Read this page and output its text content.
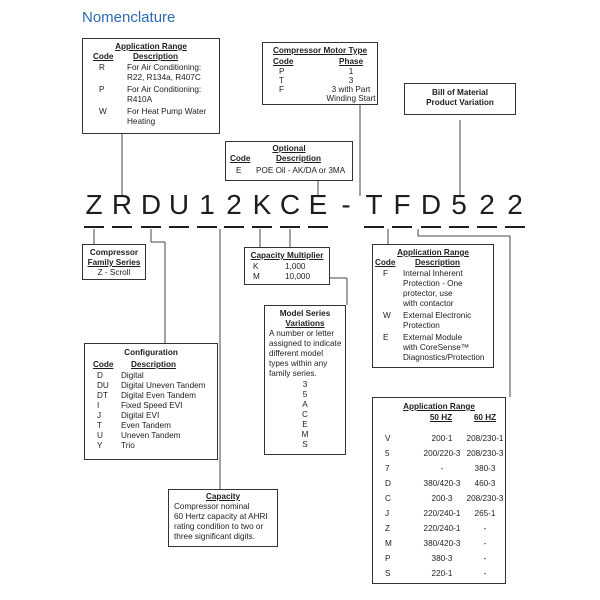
Nomenclature
Z R D U 1 2 K C E - T F D 5 2 2
Application Range
Code Description
R	For Air Conditioning:
R22, R134a, R407C
P	For Air Conditioning:
R410A
W For Heat Pump Water
Heating
Compressor Motor Type
Code	Phase
P	1
T	3
F	3 with Part
Winding Start
Bill of Material
Product Variation
Optional
Code	Description
E POE Oil - AK/DA or 3MA
Compressor
Family Series
Z - Scroll
Capacity Multiplier
K	1,000
M	10,000
Model Series
Variations
A number or letter
assigned to indicate
different model
types within any
family series.
3
5
A
C
E
M
S
Application Range
Code Description
F Internal Inherent
Protection - One
protector, use
with contactor
W External Electronic
Protection
E External Module
with CoreSense™
Diagnostics/Protection
Configuration
Code Description
D Digital
DU Digital Uneven Tandem
DT Digital Even Tandem
I	Fixed Speed EVI
J Digital EVI
T Even Tandem
U Uneven Tandem
Y Trio
Capacity
Compressor nominal
60 Hertz capacity at AHRI
rating condition to two or
three significant digits.
Application Range
50 HZ	60 HZ
V	200-1	208/230-1
5	200/220-3 208/230-3
7	-	380-3
D	380/420-3	460-3
C	200-3	208/230-3
J	220/240-1	265-1
Z	220/240-1	-
M	380/420-3	-
P	380-3	-
S	220-1	-
